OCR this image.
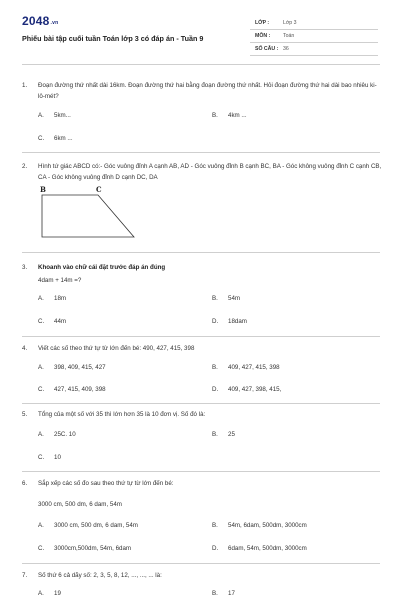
2048.vn
Phiếu bài tập cuối tuần Toán lớp 3 có đáp án - Tuần 9
LỚP :	Lớp 3
MÔN : Toán
SỐ CÂU : 36
1. Đoạn đường thứ nhất dài 16km. Đoạn đường thứ hai bằng đoạn đường thứ nhất. Hỏi đoạn đường thứ hai dài bao nhiêu ki-lô-mét?
A. 5km...	B. 4km ...
C. 6km ...
2. Hình tứ giác ABCD có:- Góc vuông đỉnh A cạnh AB, AD - Góc vuông đỉnh B cạnh BC, BA - Góc không vuông đỉnh C cạnh CB, CA - Góc không vuông đỉnh D cạnh DC, DA
B	C
3. Khoanh vào chữ cái đặt trước đáp án đúng
4dam + 14m =?
A. 18m	B. 54m
C. 44m	D. 18dam
4. Viết các số theo thứ tự từ lớn đến bé: 490, 427, 415, 398
A. 398, 409, 415, 427	B. 409, 427, 415, 398
C. 427, 415, 409, 398	D. 409, 427, 398, 415,
5. Tổng của một số với 35 thì lớn hơn 35 là 10 đơn vị. Số đó là:
A. 25C. 10	B. 25
C. 10
6. Sắp xếp các số đo sau theo thứ tự từ lớn đến bé:
3000 cm, 500 dm, 6 dam, 54m
A. 3000 cm, 500 dm, 6 dam, 54m	B. 54m, 6dam, 500dm, 3000cm
C. 3000cm,500dm, 54m, 6dam	D. 6dam, 54m, 500dm, 3000cm
7. Số thứ 6 cả dãy số: 2, 3, 5, 8, 12, ..., ..., ... là:
A. 19	B. 17
